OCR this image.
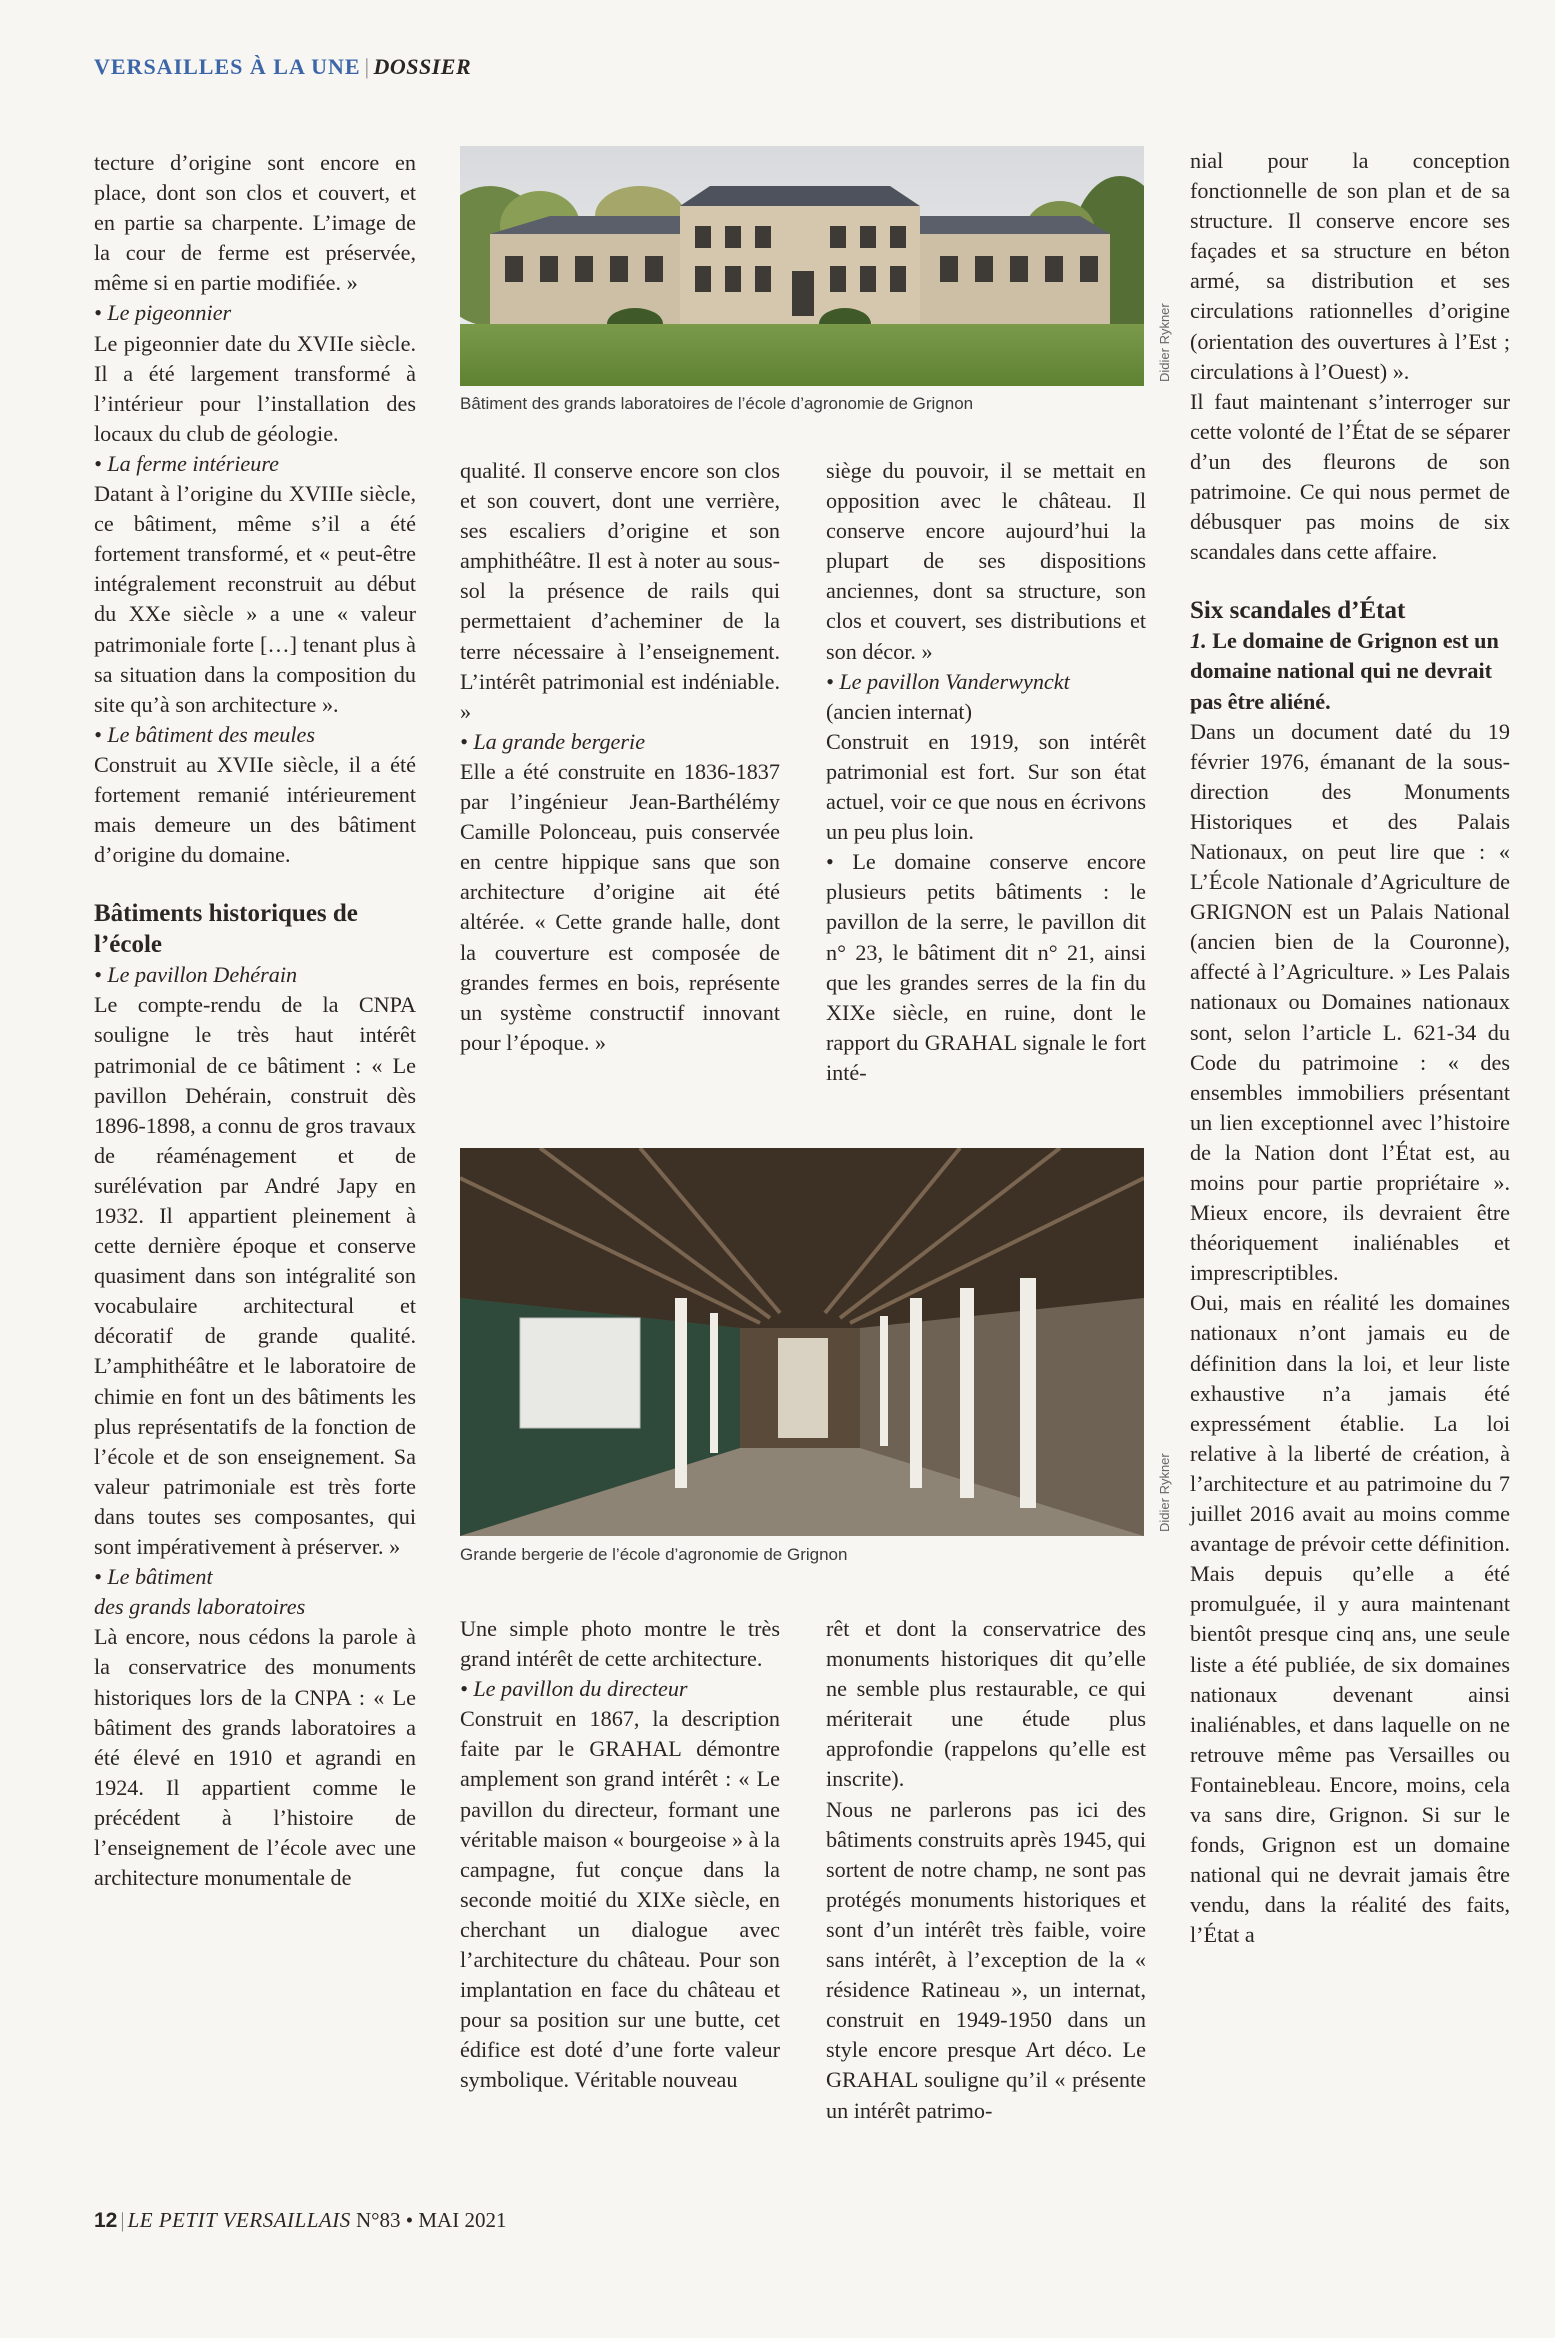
VERSAILLES À LA UNE | DOSSIER

tecture d’origine sont encore en place, dont son clos et couvert, et en partie sa charpente. L’image de la cour de ferme est préservée, même si en partie modifiée. »

• Le pigeonnier

Le pigeonnier date du XVIIe siècle. Il a été largement transformé à l’intérieur pour l’installation des locaux du club de géologie.

• La ferme intérieure

Datant à l’origine du XVIIIe siècle, ce bâtiment, même s’il a été fortement transformé, et « peut-être intégralement reconstruit au début du XXe siècle » a une « valeur patrimoniale forte […] tenant plus à sa situation dans la composition du site qu’à son architecture ».

• Le bâtiment des meules

Construit au XVIIe siècle, il a été fortement remanié intérieurement mais demeure un des bâtiment d’origine du domaine.

Bâtiments historiques de l’école

• Le pavillon Dehérain

Le compte-rendu de la CNPA souligne le très haut intérêt patrimonial de ce bâtiment : « Le pavillon Dehérain, construit dès 1896-1898, a connu de gros travaux de réaménagement et de surélévation par André Japy en 1932. Il appartient pleinement à cette dernière époque et conserve quasiment dans son intégralité son vocabulaire architectural et décoratif de grande qualité. L’amphithéâtre et le laboratoire de chimie en font un des bâtiments les plus représentatifs de la fonction de l’école et de son enseignement. Sa valeur patrimoniale est très forte dans toutes ses composantes, qui sont impérativement à préserver. »

• Le bâtiment
des grands laboratoires

Là encore, nous cédons la parole à la conservatrice des monuments historiques lors de la CNPA : « Le bâtiment des grands laboratoires a été élevé en 1910 et agrandi en 1924. Il appartient comme le précédent à l’histoire de l’enseignement de l’école avec une architecture monumentale de

Bâtiment des grands laboratoires de l’école d’agronomie de Grignon
Didier Rykner

qualité. Il conserve encore son clos et son couvert, dont une verrière, ses escaliers d’origine et son amphithéâtre. Il est à noter au sous-sol la présence de rails qui permettaient d’acheminer de la terre nécessaire à l’enseignement. L’intérêt patrimonial est indéniable. »

• La grande bergerie

Elle a été construite en 1836-1837 par l’ingénieur Jean-Barthélémy Camille Polonceau, puis conservée en centre hippique sans que son architecture d’origine ait été altérée. « Cette grande halle, dont la couverture est composée de grandes fermes en bois, représente un système constructif innovant pour l’époque. »

siège du pouvoir, il se mettait en opposition avec le château. Il conserve encore aujourd’hui la plupart de ses dispositions anciennes, dont sa structure, son clos et couvert, ses distributions et son décor. »

• Le pavillon Vanderwynckt

(ancien internat)

Construit en 1919, son intérêt patrimonial est fort. Sur son état actuel, voir ce que nous en écrivons un peu plus loin.

• Le domaine conserve encore plusieurs petits bâtiments : le pavillon de la serre, le pavillon dit n° 23, le bâtiment dit n° 21, ainsi que les grandes serres de la fin du XIXe siècle, en ruine, dont le rapport du GRAHAL signale le fort inté-

Grande bergerie de l’école d’agronomie de Grignon
Didier Rykner

Une simple photo montre le très grand intérêt de cette architecture.

• Le pavillon du directeur

Construit en 1867, la description faite par le GRAHAL démontre amplement son grand intérêt : « Le pavillon du directeur, formant une véritable maison « bourgeoise » à la campagne, fut conçue dans la seconde moitié du XIXe siècle, en cherchant un dialogue avec l’architecture du château. Pour son implantation en face du château et pour sa position sur une butte, cet édifice est doté d’une forte valeur symbolique. Véritable nouveau

rêt et dont la conservatrice des monuments historiques dit qu’elle ne semble plus restaurable, ce qui mériterait une étude plus approfondie (rappelons qu’elle est inscrite).

Nous ne parlerons pas ici des bâtiments construits après 1945, qui sortent de notre champ, ne sont pas protégés monuments historiques et sont d’un intérêt très faible, voire sans intérêt, à l’exception de la « résidence Ratineau », un internat, construit en 1949-1950 dans un style encore presque Art déco. Le GRAHAL souligne qu’il « présente un intérêt patrimo-

nial pour la conception fonctionnelle de son plan et de sa structure. Il conserve encore ses façades et sa structure en béton armé, sa distribution et ses circulations rationnelles d’origine (orientation des ouvertures à l’Est ; circulations à l’Ouest) ».

Il faut maintenant s’interroger sur cette volonté de l’État de se séparer d’un des fleurons de son patrimoine. Ce qui nous permet de débusquer pas moins de six scandales dans cette affaire.

Six scandales d’État

1. Le domaine de Grignon est un domaine national qui ne devrait pas être aliéné.

Dans un document daté du 19 février 1976, émanant de la sous-direction des Monuments Historiques et des Palais Nationaux, on peut lire que : « L’École Nationale d’Agriculture de GRIGNON est un Palais National (ancien bien de la Couronne), affecté à l’Agriculture. » Les Palais nationaux ou Domaines nationaux sont, selon l’article L. 621-34 du Code du patrimoine : « des ensembles immobiliers présentant un lien exceptionnel avec l’histoire de la Nation dont l’État est, au moins pour partie propriétaire ». Mieux encore, ils devraient être théoriquement inaliénables et imprescriptibles.

Oui, mais en réalité les domaines nationaux n’ont jamais eu de définition dans la loi, et leur liste exhaustive n’a jamais été expressément établie. La loi relative à la liberté de création, à l’architecture et au patrimoine du 7 juillet 2016 avait au moins comme avantage de prévoir cette définition. Mais depuis qu’elle a été promulguée, il y aura maintenant bientôt presque cinq ans, une seule liste a été publiée, de six domaines nationaux devenant ainsi inaliénables, et dans laquelle on ne retrouve même pas Versailles ou Fontainebleau. Encore, moins, cela va sans dire, Grignon. Si sur le fonds, Grignon est un domaine national qui ne devrait jamais être vendu, dans la réalité des faits, l’État a

12 | LE PETIT VERSAILLAIS N°83 • MAI 2021
